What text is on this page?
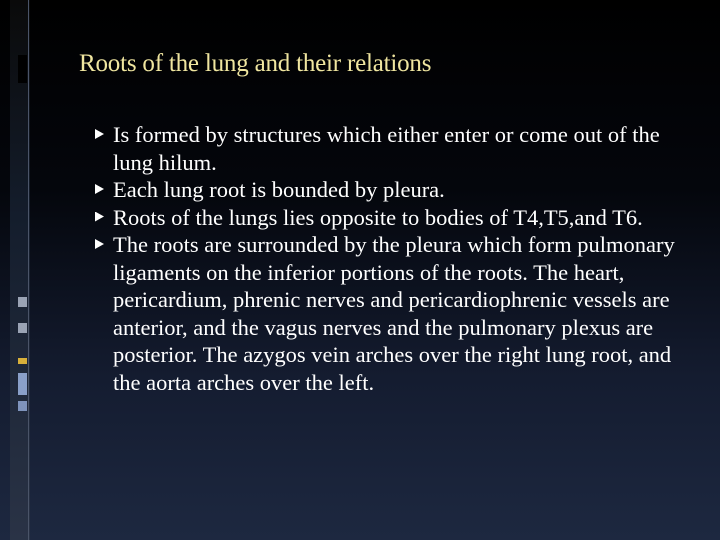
Roots of the lung and their relations
Is formed by structures which either enter or come out of the lung hilum.
Each lung root is bounded by pleura.
Roots of the lungs lies opposite to bodies of T4,T5,and T6.
The roots are surrounded by the pleura which form pulmonary ligaments on the inferior portions of the roots. The heart, pericardium, phrenic nerves and pericardiophrenic vessels are anterior, and the vagus nerves and the pulmonary plexus are posterior. The azygos vein arches over the right lung root, and the aorta arches over the left.
